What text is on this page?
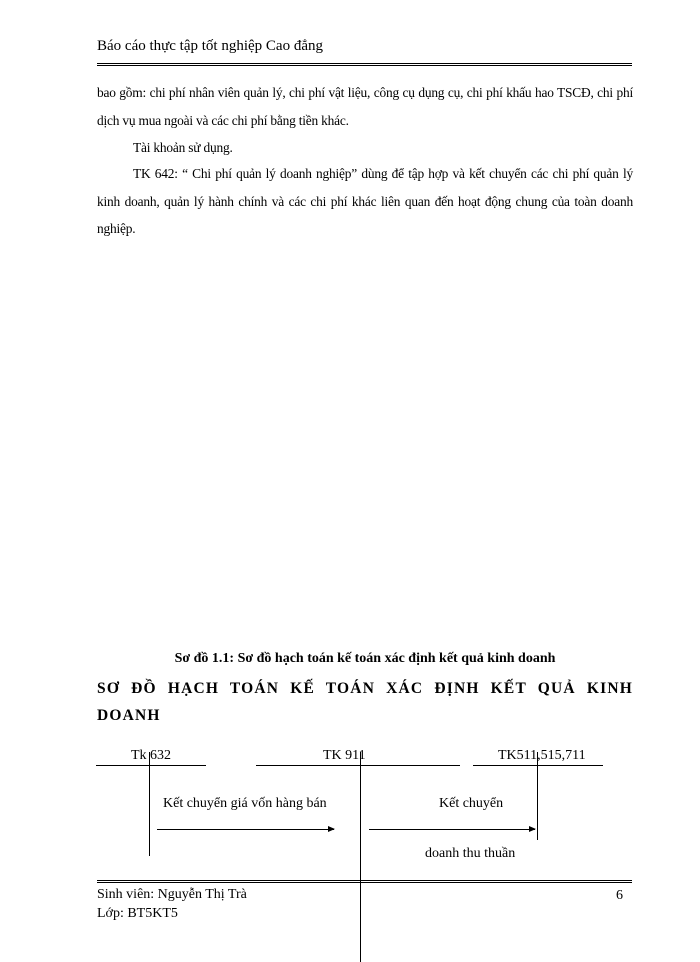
Báo cáo thực tập tốt nghiệp Cao đẳng
bao gồm: chi phí nhân viên quản lý, chi phí vật liệu, công cụ dụng cụ, chi phí khấu hao TSCĐ, chi phí dịch vụ mua ngoài và các chi phí bằng tiền khác.
Tài khoản sử dụng.
TK 642: “ Chi phí quản lý doanh nghiệp” dùng để tập hợp và kết chuyển các chi phí quản lý kinh doanh, quản lý hành chính và các chi phí khác liên quan đến hoạt động chung của toàn doanh nghiệp.
Sơ đồ 1.1: Sơ đồ hạch toán kế toán xác định kết quả kinh doanh
SƠ ĐỒ HẠCH TOÁN KẾ TOÁN XÁC ĐỊNH KẾT QUẢ KINH DOANH
Tk 632	TK 911	TK511,515,711
Kết chuyển giá vốn hàng bán	Kết chuyển
doanh thu thuần
Sinh viên: Nguyễn Thị Trà
Lớp: BT5KT5
6
